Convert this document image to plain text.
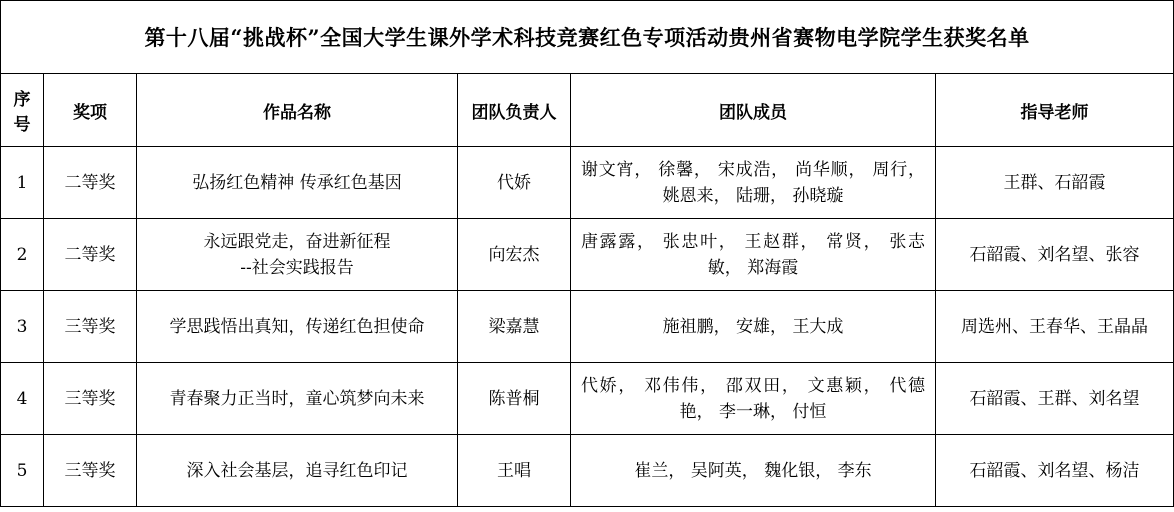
第十八届“挑战杯”全国大学生课外学术科技竞赛红色专项活动贵州省赛物电学院学生获奖名单					
序号	奖项	作品名称	团队负责人	团队成员	指导老师
1	二等奖	弘扬红色精神 传承红色基因	代娇	谢文宵， 徐馨， 宋成浩， 尚华顺， 周行， 姚恩来， 陆珊， 孙晓璇	王群、石韶霞
2	二等奖	永远跟党走，奋进新征程
--社会实践报告	向宏杰	唐露露， 张忠叶， 王赵群， 常贤， 张志敏， 郑海霞	石韶霞、刘名望、张容
3	三等奖	学思践悟出真知，传递红色担使命	梁嘉慧	施祖鹏， 安雄， 王大成	周选州、王春华、王晶晶
4	三等奖	青春聚力正当时，童心筑梦向未来	陈普桐	代娇， 邓伟伟， 邵双田， 文惠颖， 代德艳， 李一琳， 付恒	石韶霞、王群、刘名望
5	三等奖	深入社会基层，追寻红色印记	王唱	崔兰， 吴阿英， 魏化银， 李东	石韶霞、刘名望、杨洁
